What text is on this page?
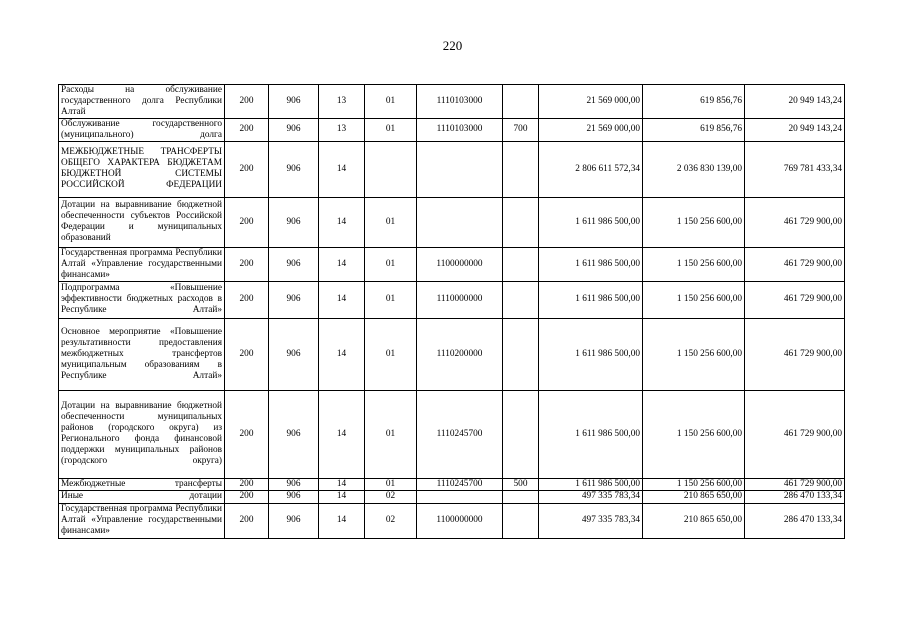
220
Расходы на обслуживание государственного долга Республики Алтай	200	906	13	01	1110103000		21 569 000,00	619 856,76	20 949 143,24
Обслуживание государственного (муниципального) долга	200	906	13	01	1110103000	700	21 569 000,00	619 856,76	20 949 143,24
МЕЖБЮДЖЕТНЫЕ ТРАНСФЕРТЫ ОБЩЕГО ХАРАКТЕРА БЮДЖЕТАМ БЮДЖЕТНОЙ СИСТЕМЫ РОССИЙСКОЙ ФЕДЕРАЦИИ	200	906	14				2 806 611 572,34	2 036 830 139,00	769 781 433,34
Дотации на выравнивание бюджетной обеспеченности субъектов Российской Федерации и муниципальных образований	200	906	14	01			1 611 986 500,00	1 150 256 600,00	461 729 900,00
Государственная программа Республики Алтай «Управление государственными финансами»	200	906	14	01	1100000000		1 611 986 500,00	1 150 256 600,00	461 729 900,00
Подпрограмма «Повышение эффективности бюджетных расходов в Республике Алтай»	200	906	14	01	1110000000		1 611 986 500,00	1 150 256 600,00	461 729 900,00
Основное мероприятие «Повышение результативности предоставления межбюджетных трансфертов муниципальным образованиям в Республике Алтай»	200	906	14	01	1110200000		1 611 986 500,00	1 150 256 600,00	461 729 900,00
Дотации на выравнивание бюджетной обеспеченности муниципальных районов (городского округа) из Регионального фонда финансовой поддержки муниципальных районов (городского округа)	200	906	14	01	1110245700		1 611 986 500,00	1 150 256 600,00	461 729 900,00
Межбюджетные трансферты	200	906	14	01	1110245700	500	1 611 986 500,00	1 150 256 600,00	461 729 900,00
Иные дотации	200	906	14	02			497 335 783,34	210 865 650,00	286 470 133,34
Государственная программа Республики Алтай «Управление государственными финансами»	200	906	14	02	1100000000		497 335 783,34	210 865 650,00	286 470 133,34
